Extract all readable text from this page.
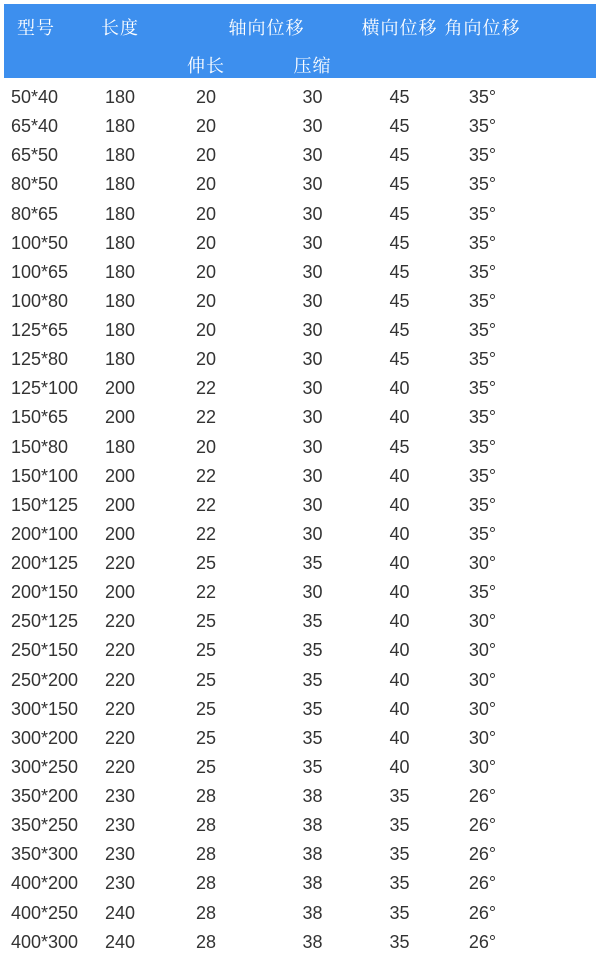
型号	长度	轴向位移		横向位移	角向位移
		伸长	压缩		
50*40	180	20	30	45	35°
65*40	180	20	30	45	35°
65*50	180	20	30	45	35°
80*50	180	20	30	45	35°
80*65	180	20	30	45	35°
100*50	180	20	30	45	35°
100*65	180	20	30	45	35°
100*80	180	20	30	45	35°
125*65	180	20	30	45	35°
125*80	180	20	30	45	35°
125*100	200	22	30	40	35°
150*65	200	22	30	40	35°
150*80	180	20	30	45	35°
150*100	200	22	30	40	35°
150*125	200	22	30	40	35°
200*100	200	22	30	40	35°
200*125	220	25	35	40	30°
200*150	200	22	30	40	35°
250*125	220	25	35	40	30°
250*150	220	25	35	40	30°
250*200	220	25	35	40	30°
300*150	220	25	35	40	30°
300*200	220	25	35	40	30°
300*250	220	25	35	40	30°
350*200	230	28	38	35	26°
350*250	230	28	38	35	26°
350*300	230	28	38	35	26°
400*200	230	28	38	35	26°
400*250	240	28	38	35	26°
400*300	240	28	38	35	26°
